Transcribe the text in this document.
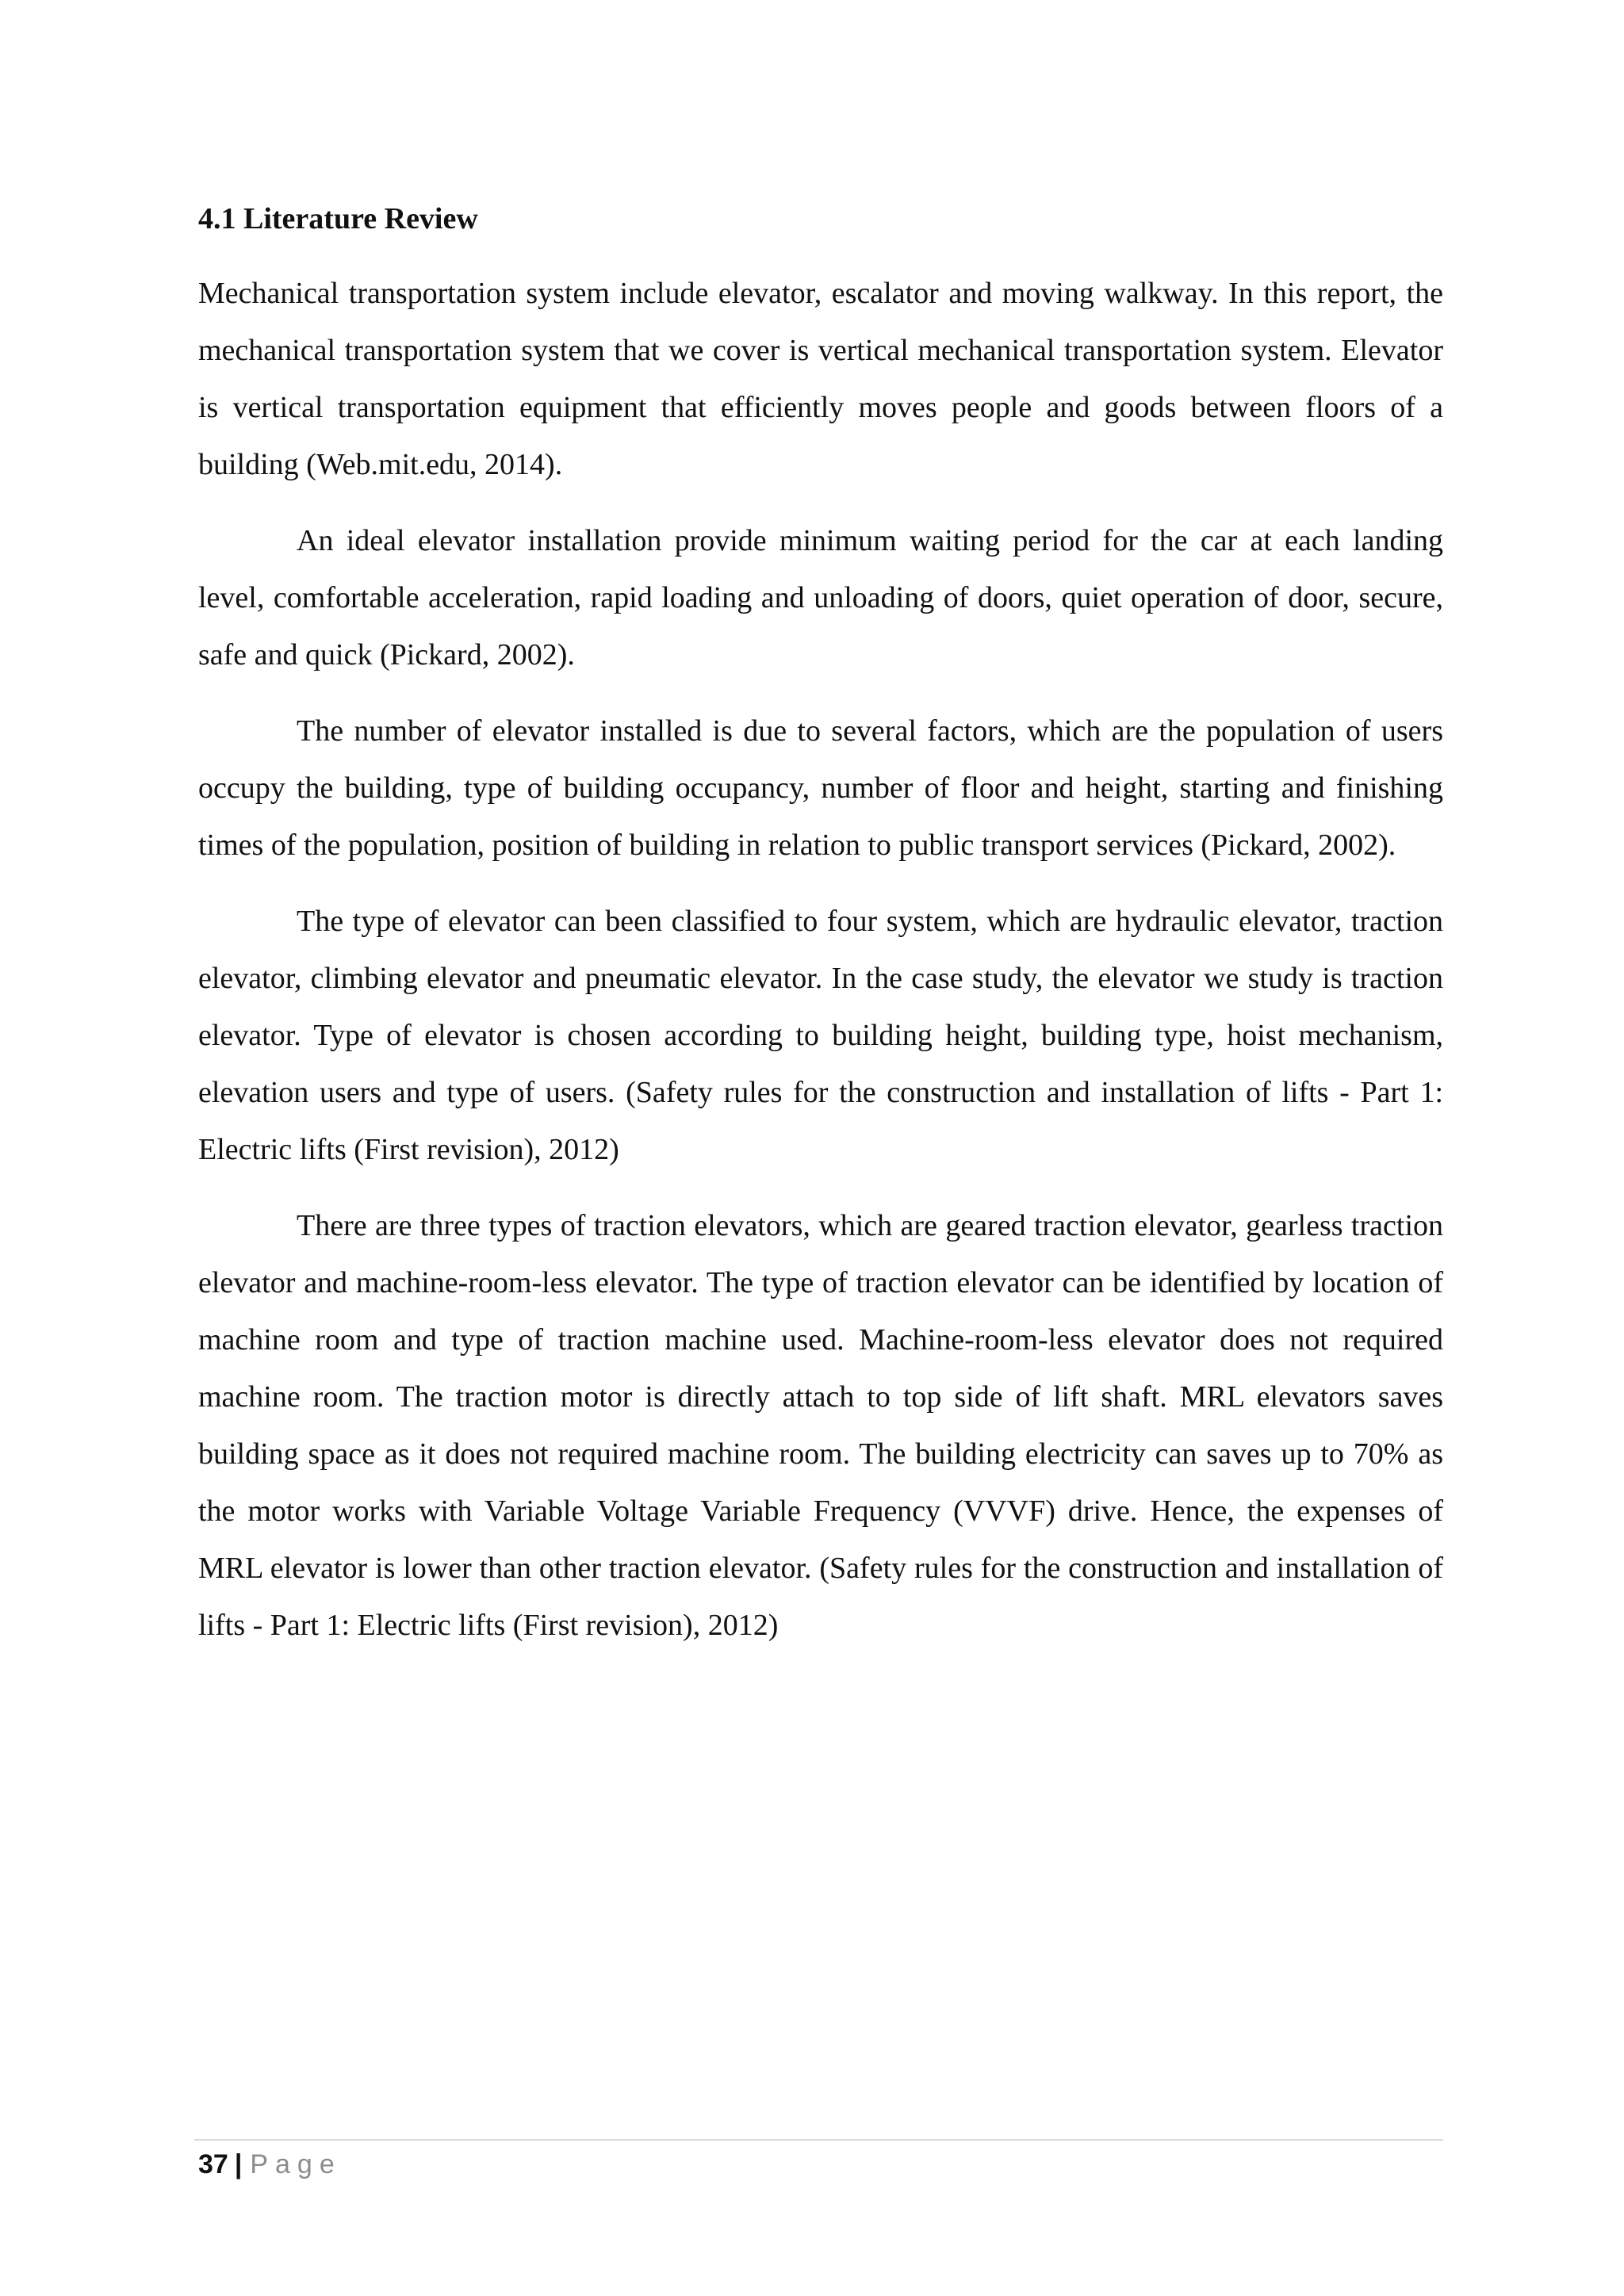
4.1 Literature Review

Mechanical transportation system include elevator, escalator and moving walkway. In this report, the mechanical transportation system that we cover is vertical mechanical transportation system. Elevator is vertical transportation equipment that efficiently moves people and goods between floors of a building (Web.mit.edu, 2014).

An ideal elevator installation provide minimum waiting period for the car at each landing level, comfortable acceleration, rapid loading and unloading of doors, quiet operation of door, secure, safe and quick (Pickard, 2002).

The number of elevator installed is due to several factors, which are the population of users occupy the building, type of building occupancy, number of floor and height, starting and finishing times of the population, position of building in relation to public transport services (Pickard, 2002).

The type of elevator can been classified to four system, which are hydraulic elevator, traction elevator, climbing elevator and pneumatic elevator. In the case study, the elevator we study is traction elevator. Type of elevator is chosen according to building height, building type, hoist mechanism, elevation users and type of users. (Safety rules for the construction and installation of lifts - Part 1: Electric lifts (First revision), 2012)

There are three types of traction elevators, which are geared traction elevator, gearless traction elevator and machine-room-less elevator. The type of traction elevator can be identified by location of machine room and type of traction machine used. Machine-room-less elevator does not required machine room. The traction motor is directly attach to top side of lift shaft. MRL elevators saves building space as it does not required machine room. The building electricity can saves up to 70% as the motor works with Variable Voltage Variable Frequency (VVVF) drive. Hence, the expenses of MRL elevator is lower than other traction elevator. (Safety rules for the construction and installation of lifts - Part 1: Electric lifts (First revision), 2012)

37 | Page
